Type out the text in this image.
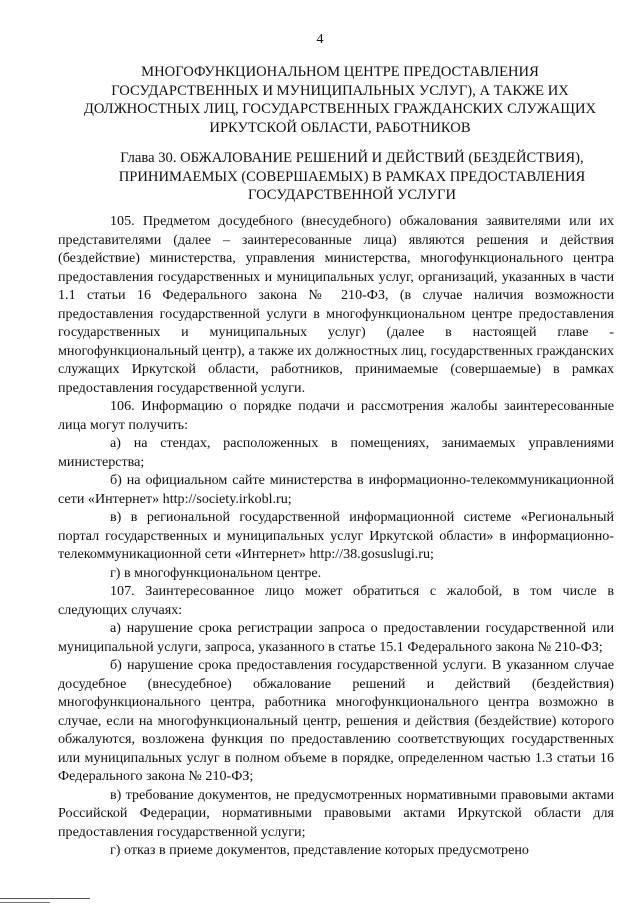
4
МНОГОФУНКЦИОНАЛЬНОМ ЦЕНТРЕ ПРЕДОСТАВЛЕНИЯ
ГОСУДАРСТВЕННЫХ И МУНИЦИПАЛЬНЫХ УСЛУГ), А ТАКЖЕ ИХ
ДОЛЖНОСТНЫХ ЛИЦ, ГОСУДАРСТВЕННЫХ ГРАЖДАНСКИХ СЛУЖАЩИХ
ИРКУТСКОЙ ОБЛАСТИ, РАБОТНИКОВ
Глава 30. ОБЖАЛОВАНИЕ РЕШЕНИЙ И ДЕЙСТВИЙ (БЕЗДЕЙСТВИЯ),
ПРИНИМАЕМЫХ (СОВЕРШАЕМЫХ) В РАМКАХ ПРЕДОСТАВЛЕНИЯ
ГОСУДАРСТВЕННОЙ УСЛУГИ

105. Предметом досудебного (внесудебного) обжалования заявителями или их представителями (далее – заинтересованные лица) являются решения и действия (бездействие) министерства, управления министерства, многофункционального центра предоставления государственных и муниципальных услуг, организаций, указанных в части 1.1 статьи 16 Федерального закона № 210-ФЗ, (в случае наличия возможности предоставления государственной услуги в многофункциональном центре предоставления государственных и муниципальных услуг) (далее в настоящей главе - многофункциональный центр), а также их должностных лиц, государственных гражданских служащих Иркутской области, работников, принимаемые (совершаемые) в рамках предоставления государственной услуги.

106. Информацию о порядке подачи и рассмотрения жалобы заинтересованные лица могут получить:

а) на стендах, расположенных в помещениях, занимаемых управлениями министерства;

б) на официальном сайте министерства в информационно-телекоммуникационной сети «Интернет» http://society.irkobl.ru;

в) в региональной государственной информационной системе «Региональный портал государственных и муниципальных услуг Иркутской области» в информационно-телекоммуникационной сети «Интернет» http://38.gosuslugi.ru;

г) в многофункциональном центре.

107. Заинтересованное лицо может обратиться с жалобой, в том числе в следующих случаях:

а) нарушение срока регистрации запроса о предоставлении государственной или муниципальной услуги, запроса, указанного в статье 15.1 Федерального закона № 210-ФЗ;

б) нарушение срока предоставления государственной услуги. В указанном случае досудебное (внесудебное) обжалование решений и действий (бездействия) многофункционального центра, работника многофункционального центра возможно в случае, если на многофункциональный центр, решения и действия (бездействие) которого обжалуются, возложена функция по предоставлению соответствующих государственных или муниципальных услуг в полном объеме в порядке, определенном частью 1.3 статьи 16 Федерального закона № 210-ФЗ;

в) требование документов, не предусмотренных нормативными правовыми актами Российской Федерации, нормативными правовыми актами Иркутской области для предоставления государственной услуги;

г) отказ в приеме документов, представление которых предусмотрено
